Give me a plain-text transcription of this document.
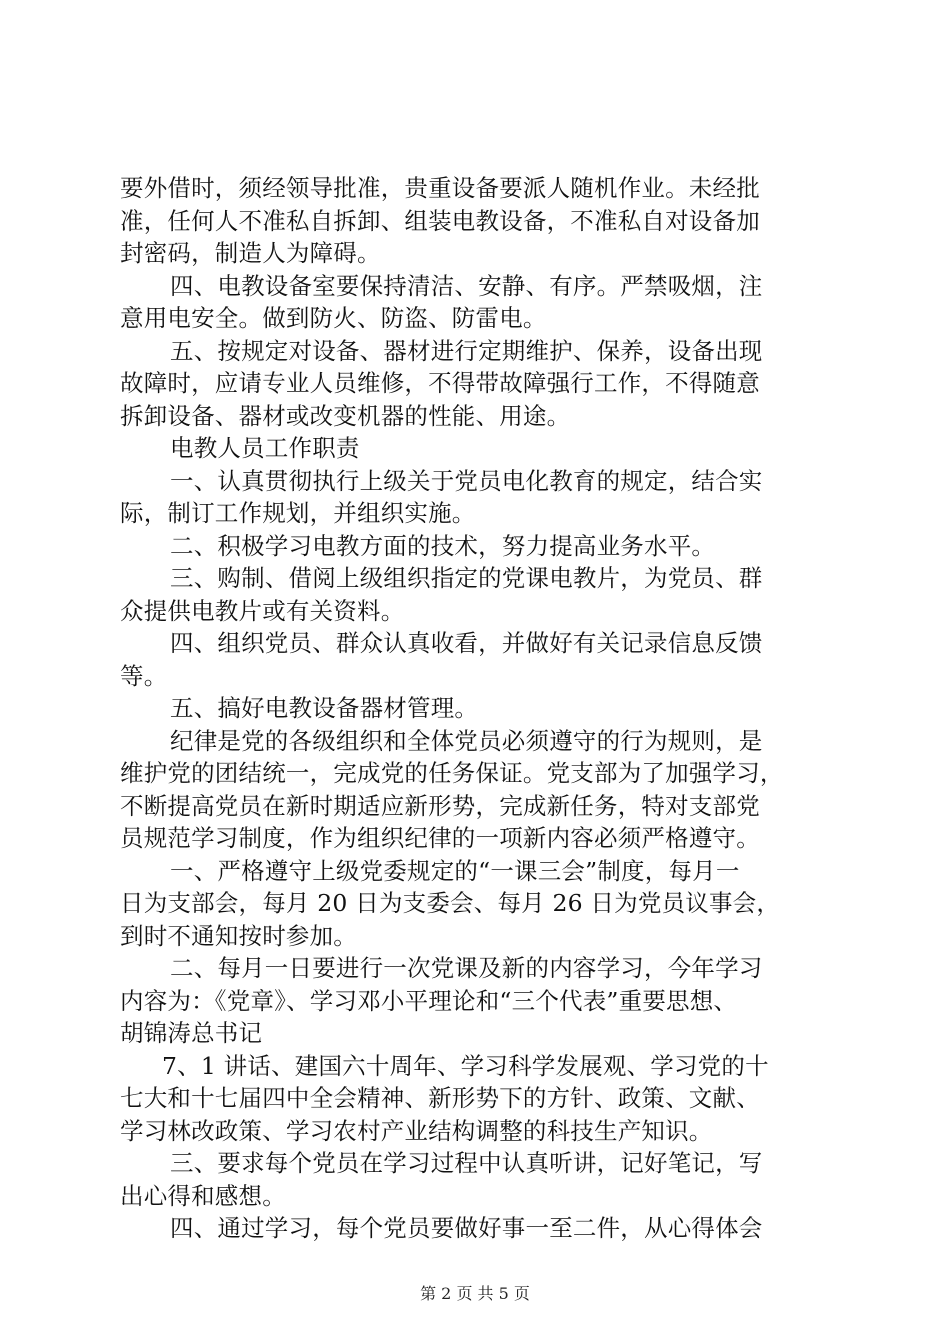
要外借时，须经领导批准，贵重设备要派人随机作业。未经批
准，任何人不准私自拆卸、组装电教设备，不准私自对设备加
封密码，制造人为障碍。
四、电教设备室要保持清洁、安静、有序。严禁吸烟，注
意用电安全。做到防火、防盗、防雷电。
五、按规定对设备、器材进行定期维护、保养，设备出现
故障时，应请专业人员维修，不得带故障强行工作，不得随意
拆卸设备、器材或改变机器的性能、用途。
电教人员工作职责
一、认真贯彻执行上级关于党员电化教育的规定，结合实
际，制订工作规划，并组织实施。
二、积极学习电教方面的技术，努力提高业务水平。
三、购制、借阅上级组织指定的党课电教片，为党员、群
众提供电教片或有关资料。
四、组织党员、群众认真收看，并做好有关记录信息反馈
等。
五、搞好电教设备器材管理。
纪律是党的各级组织和全体党员必须遵守的行为规则，是
维护党的团结统一，完成党的任务保证。党支部为了加强学习，
不断提高党员在新时期适应新形势，完成新任务，特对支部党
员规范学习制度，作为组织纪律的一项新内容必须严格遵守。
一、严格遵守上级党委规定的“一课三会”制度，每月一
日为支部会，每月 20 日为支委会、每月 26 日为党员议事会，
到时不通知按时参加。
二、每月一日要进行一次党课及新的内容学习，今年学习
内容为：《党章》、学习邓小平理论和“三个代表”重要思想、
胡锦涛总书记
7、1 讲话、建国六十周年、学习科学发展观、学习党的十
七大和十七届四中全会精神、新形势下的方针、政策、文献、
学习林改政策、学习农村产业结构调整的科技生产知识。
三、要求每个党员在学习过程中认真听讲，记好笔记，写
出心得和感想。
四、通过学习，每个党员要做好事一至二件，从心得体会
第 2 页 共 5 页
